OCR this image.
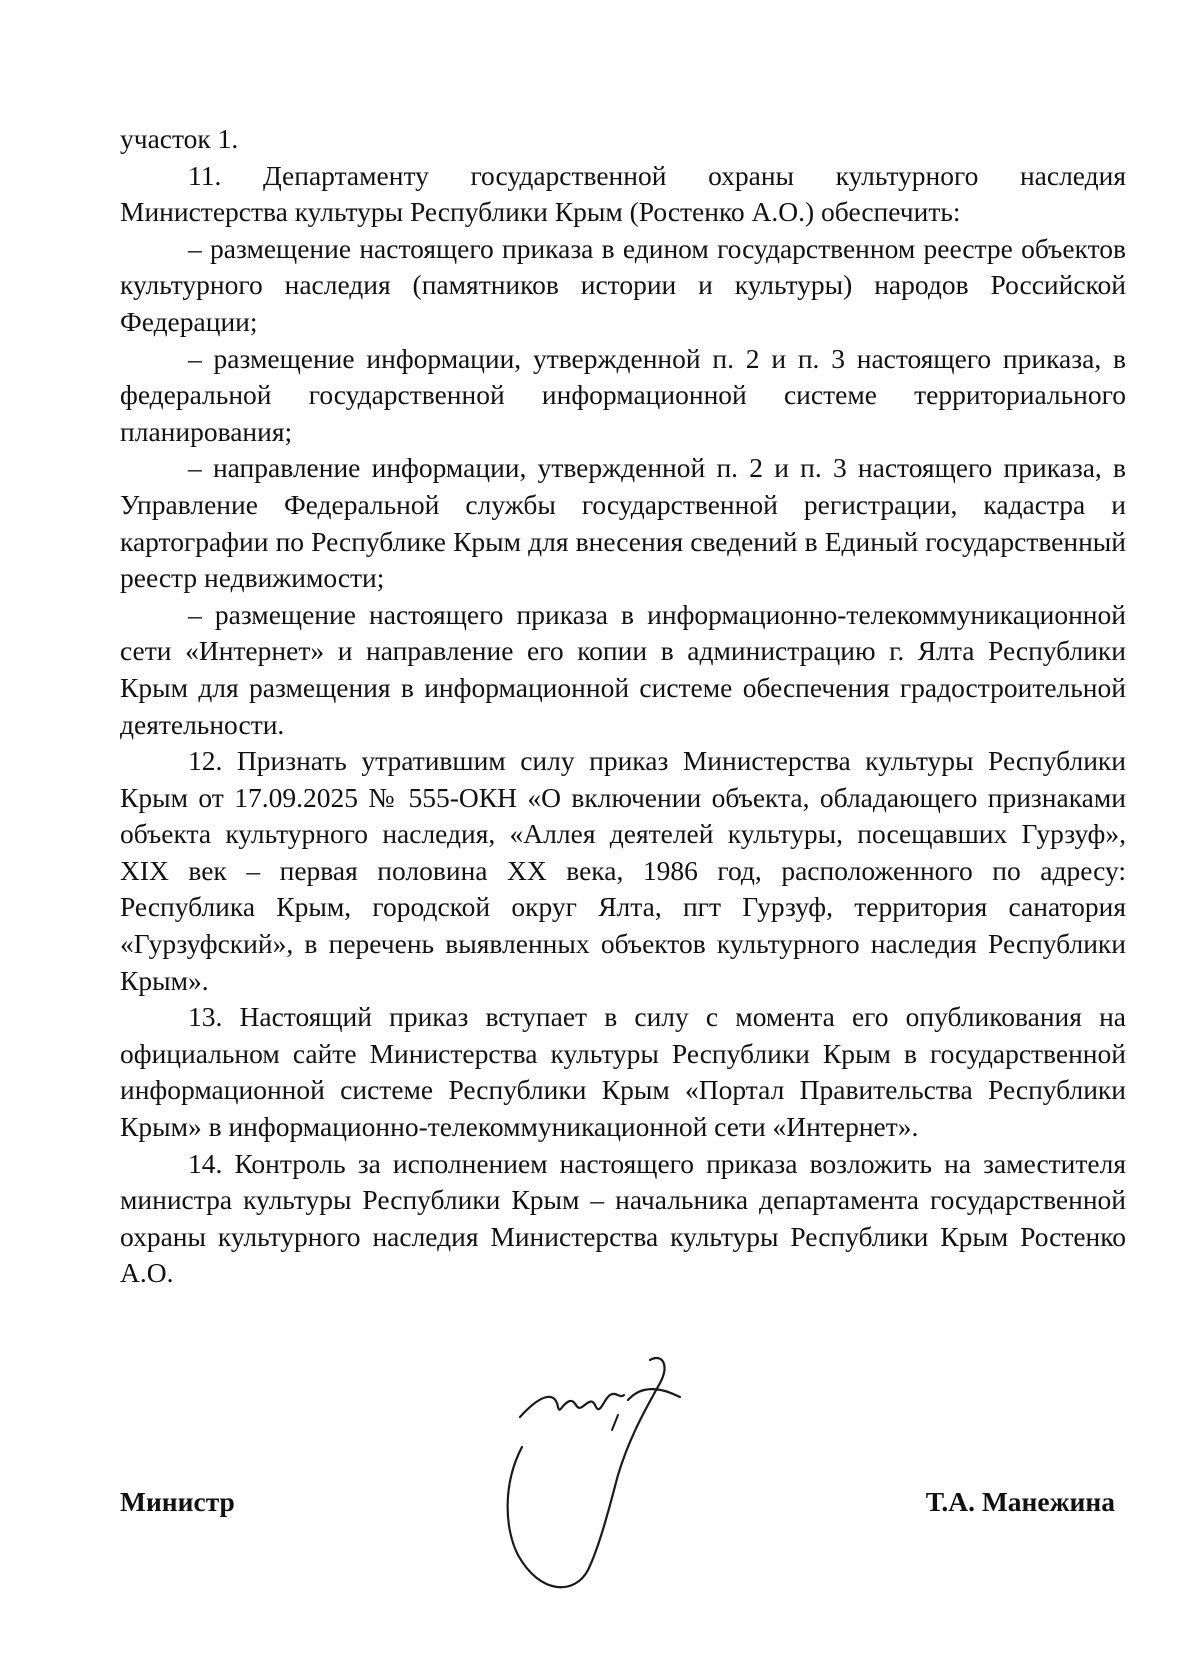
участок 1.

11. Департаменту государственной охраны культурного наследия Министерства культуры Республики Крым (Ростенко А.О.) обеспечить:

– размещение настоящего приказа в едином государственном реестре объектов культурного наследия (памятников истории и культуры) народов Российской Федерации;

– размещение информации, утвержденной п. 2 и п. 3 настоящего приказа, в федеральной государственной информационной системе территориального планирования;

– направление информации, утвержденной п. 2 и п. 3 настоящего приказа, в Управление Федеральной службы государственной регистрации, кадастра и картографии по Республике Крым для внесения сведений в Единый государственный реестр недвижимости;

– размещение настоящего приказа в информационно-телекоммуникационной сети «Интернет» и направление его копии в администрацию г. Ялта Республики Крым для размещения в информационной системе обеспечения градостроительной деятельности.

12. Признать утратившим силу приказ Министерства культуры Республики Крым от 17.09.2025 № 555-ОКН «О включении объекта, обладающего признаками объекта культурного наследия, «Аллея деятелей культуры, посещавших Гурзуф», XIX век – первая половина XX века, 1986 год, расположенного по адресу: Республика Крым, городской округ Ялта, пгт Гурзуф, территория санатория «Гурзуфский», в перечень выявленных объектов культурного наследия Республики Крым».

13. Настоящий приказ вступает в силу с момента его опубликования на официальном сайте Министерства культуры Республики Крым в государственной информационной системе Республики Крым «Портал Правительства Республики Крым» в информационно-телекоммуникационной сети «Интернет».

14. Контроль за исполнением настоящего приказа возложить на заместителя министра культуры Республики Крым – начальника департамента государственной охраны культурного наследия Министерства культуры Республики Крым Ростенко А.О.

Министр	Т.А. Манежина
